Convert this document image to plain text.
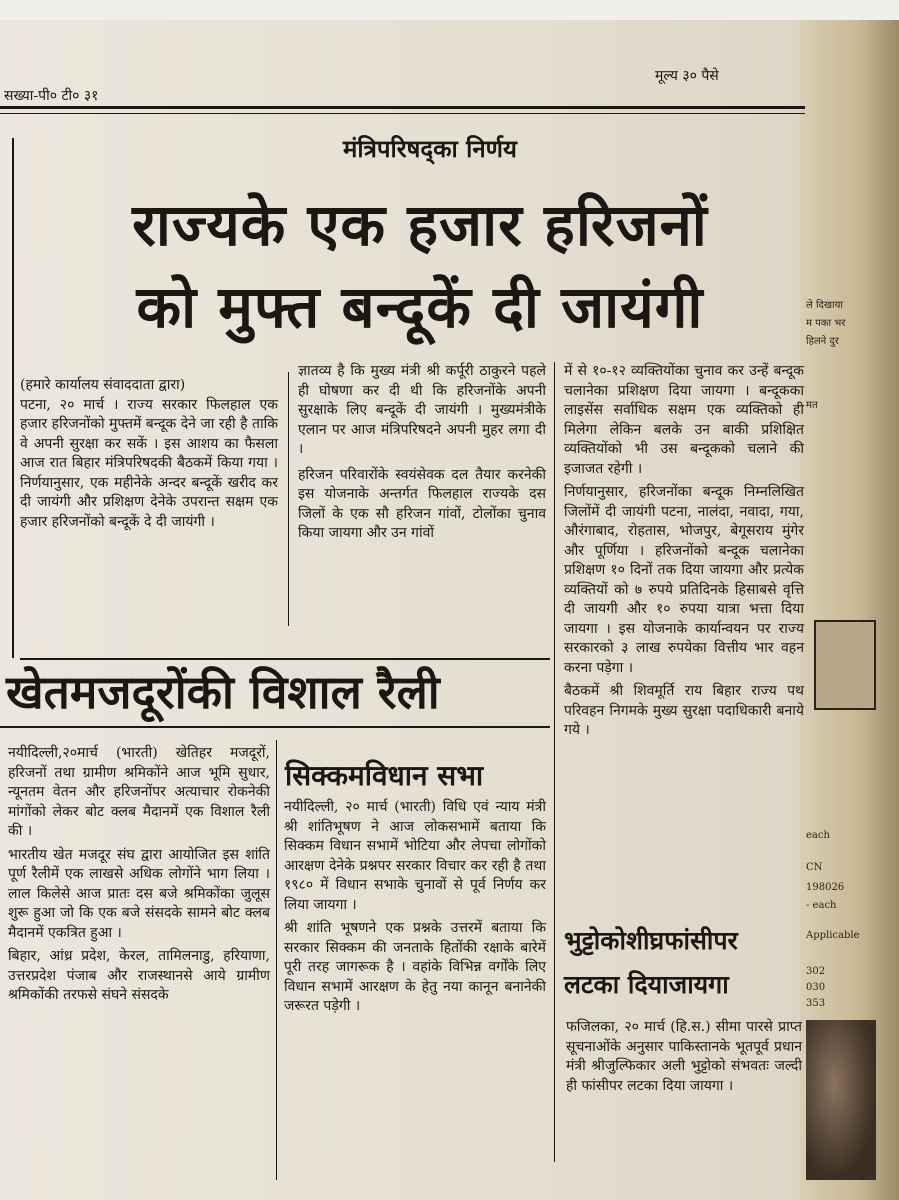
ले दिखाया
म पका भर
हिलने दुर
मत
each
CN
198026
- each
Applicable
302
030
353
सख्या-पी० टी० ३१
मूल्य ३० पैसे
मंत्रिपरिषद्‌का निर्णय
राज्यके एक हजार हरिजनों
को मुफ्त बन्दूकें दी जायंगी

(हमारे कार्यालय संवाददाता द्वारा)

पटना, २० मार्च । राज्य सरकार फिलहाल एक हजार हरिजनोंको मुफ्तमें बन्दूक देने जा रही है ताकि वे अपनी सुरक्षा कर सकें । इस आशय का फैसला आज रात बिहार मंत्रिपरिषदकी बैठकमें किया गया । निर्णयानुसार, एक महीनेके अन्दर बन्दूकें खरीद कर दी जायंगी और प्रशिक्षण देनेके उपरान्त सक्षम एक हजार हरिजनोंको बन्दूकें दे दी जायंगी ।

ज्ञातव्य है कि मुख्य मंत्री श्री कर्पूरी ठाकुरने पहले ही घोषणा कर दी थी कि हरिजनोंके अपनी सुरक्षाके लिए बन्दूकें दी जायंगी । मुख्यमंत्रीके एलान पर आज मंत्रिपरिषदने अपनी मुहर लगा दी ।

हरिजन परिवारोंके स्वयंसेवक दल तैयार करनेकी इस योजनाके अन्तर्गत फिलहाल राज्यके दस जिलों के एक सौ हरिजन गांवों, टोलोंका चुनाव किया जायगा और उन गांवों

में से १०-१२ व्यक्तियोंका चुनाव कर उन्हें बन्दूक चलानेका प्रशिक्षण दिया जायगा । बन्दूकका लाइसेंस सर्वाधिक सक्षम एक व्यक्तिको ही मिलेगा लेकिन बलके उन बाकी प्रशिक्षित व्यक्तियोंको भी उस बन्दूकको चलाने की इजाजत रहेगी ।

निर्णयानुसार, हरिजनोंका बन्दूक निम्नलिखित जिलोंमें दी जायंगी पटना, नालंदा, नवादा, गया, औरंगाबाद, रोहतास, भोजपुर, बेगूसराय मुंगेर और पूर्णिया । हरिजनोंको बन्दूक चलानेका प्रशिक्षण १० दिनों तक दिया जायगा और प्रत्येक व्यक्तियों को ७ रुपये प्रतिदिनके हिसाबसे वृत्ति दी जायगी और १० रुपया यात्रा भत्ता दिया जायगा । इस योजनाके कार्यान्वयन पर राज्य सरकारको ३ लाख रुपयेका वित्तीय भार वहन करना पड़ेगा ।

बैठकमें श्री शिवमूर्ति राय बिहार राज्य पथ परिवहन निगमके मुख्य सुरक्षा पदाधिकारी बनाये गये ।

खेतमजदूरोंकी विशाल रैली

नयीदिल्ली,२०मार्च (भारती) खेतिहर मजदूरों, हरिजनों तथा ग्रामीण श्रमिकोंने आज भूमि सुधार, न्यूनतम वेतन और हरिजनोंपर अत्याचार रोकनेकी मांगोंको लेकर बोट क्लब मैदानमें एक विशाल रैली की ।

भारतीय खेत मजदूर संघ द्वारा आयोजित इस शांति पूर्ण रैलीमें एक लाखसे अधिक लोगोंने भाग लिया । लाल किलेसे आज प्रातः दस बजे श्रमिकोंका जुलूस शुरू हुआ जो कि एक बजे संसदके सामने बोट क्लब मैदानमें एकत्रित हुआ ।

बिहार, आंध्र प्रदेश, केरल, तामिलनाडु, हरियाणा, उत्तरप्रदेश पंजाब और राजस्थानसे आये ग्रामीण श्रमिकोंकी तरफसे संघने संसदके

सिक्कमविधान सभा

नयीदिल्ली, २० मार्च (भारती) विधि एवं न्याय मंत्री श्री शांतिभूषण ने आज लोकसभामें बताया कि सिक्कम विधान सभामें भोटिया और लेपचा लोगोंको आरक्षण देनेके प्रश्नपर सरकार विचार कर रही है तथा १९८० में विधान सभाके चुनावों से पूर्व निर्णय कर लिया जायगा ।

श्री शांति भूषणने एक प्रश्नके उत्तरमें बताया कि सरकार सिक्कम की जनताके हितोंकी रक्षाके बारेमें पूरी तरह जागरूक है । वहांके विभिन्न वर्गोंके लिए विधान सभामें आरक्षण के हेतु नया कानून बनानेकी जरूरत पड़ेगी ।

भुट्टोकोशीघ्रफांसीपर
लटका दियाजायगा

फजिलका, २० मार्च (हि.स.) सीमा पारसे प्राप्त सूचनाओंके अनुसार पाकिस्तानके भूतपूर्व प्रधान मंत्री श्रीजुल्फिकार अली भुट्टोको संभवतः जल्दी ही फांसीपर लटका दिया जायगा ।
